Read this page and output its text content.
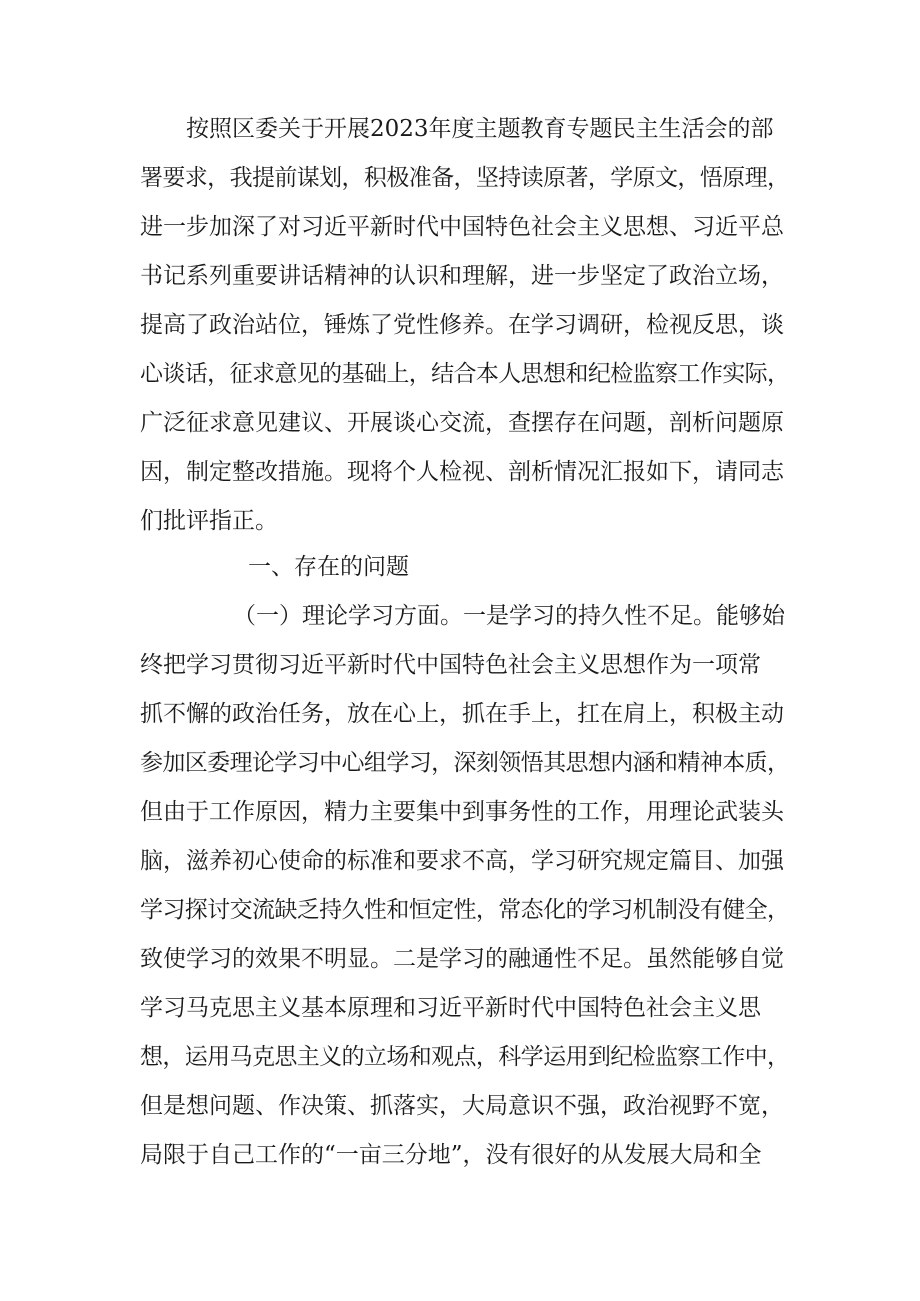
按照区委关于开展2023年度主题教育专题民主生活会的部
署要求，我提前谋划，积极准备，坚持读原著，学原文，悟原理，
进一步加深了对习近平新时代中国特色社会主义思想、习近平总
书记系列重要讲话精神的认识和理解，进一步坚定了政治立场，
提高了政治站位，锤炼了党性修养。在学习调研，检视反思，谈
心谈话，征求意见的基础上，结合本人思想和纪检监察工作实际，
广泛征求意见建议、开展谈心交流，查摆存在问题，剖析问题原
因，制定整改措施。现将个人检视、剖析情况汇报如下，请同志
们批评指正。
一、存在的问题
（一）理论学习方面。一是学习的持久性不足。能够始
终把学习贯彻习近平新时代中国特色社会主义思想作为一项常
抓不懈的政治任务，放在心上，抓在手上，扛在肩上，积极主动
参加区委理论学习中心组学习，深刻领悟其思想内涵和精神本质，
但由于工作原因，精力主要集中到事务性的工作，用理论武装头
脑，滋养初心使命的标准和要求不高，学习研究规定篇目、加强
学习探讨交流缺乏持久性和恒定性，常态化的学习机制没有健全，
致使学习的效果不明显。二是学习的融通性不足。虽然能够自觉
学习马克思主义基本原理和习近平新时代中国特色社会主义思
想，运用马克思主义的立场和观点，科学运用到纪检监察工作中，
但是想问题、作决策、抓落实，大局意识不强，政治视野不宽，
局限于自己工作的“一亩三分地”，没有很好的从发展大局和全
